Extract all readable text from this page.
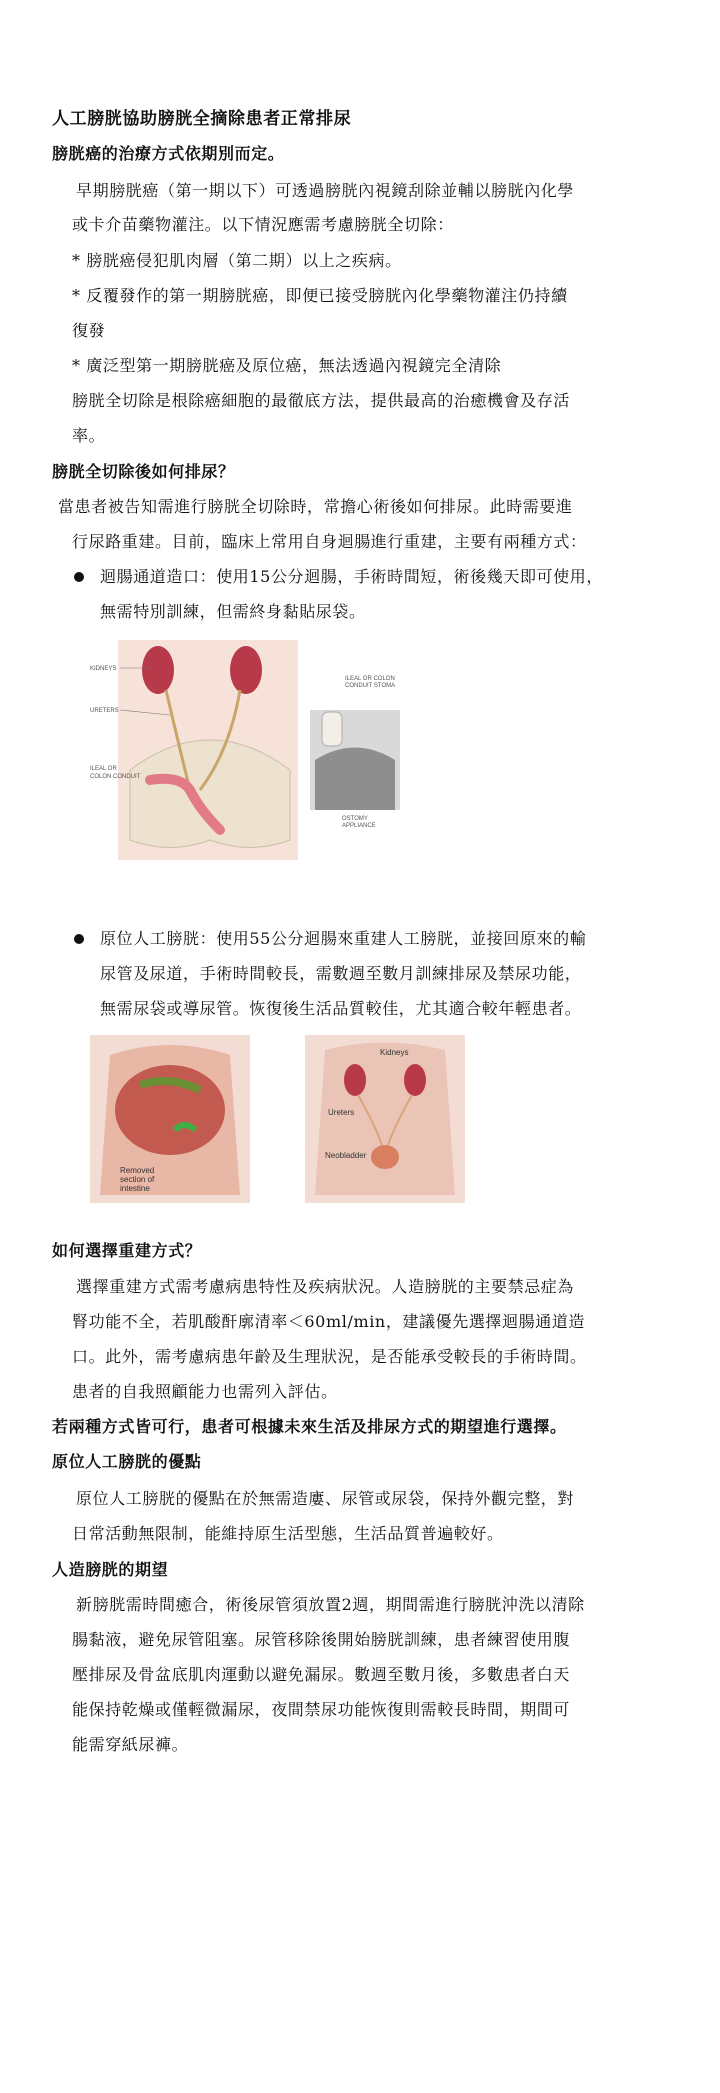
人工膀胱協助膀胱全摘除患者正常排尿
膀胱癌的治療方式依期別而定。
早期膀胱癌（第一期以下）可透過膀胱內視鏡刮除並輔以膀胱內化學
或卡介苗藥物灌注。以下情況應需考慮膀胱全切除：
* 膀胱癌侵犯肌肉層（第二期）以上之疾病。
* 反覆發作的第一期膀胱癌，即便已接受膀胱內化學藥物灌注仍持續
復發
* 廣泛型第一期膀胱癌及原位癌，無法透過內視鏡完全清除
膀胱全切除是根除癌細胞的最徹底方法，提供最高的治癒機會及存活
率。
膀胱全切除後如何排尿？
當患者被告知需進行膀胱全切除時，常擔心術後如何排尿。此時需要進
行尿路重建。目前，臨床上常用自身迴腸進行重建，主要有兩種方式：
迴腸通道造口：使用15公分迴腸，手術時間短，術後幾天即可使用，
無需特別訓練，但需終身黏貼尿袋。
KIDNEYS
URETERS
ILEAL OR
COLON CONDUIT
ILEAL OR COLON
CONDUIT STOMA
OSTOMY
APPLIANCE
原位人工膀胱：使用55公分迴腸來重建人工膀胱，並接回原來的輸
尿管及尿道，手術時間較長，需數週至數月訓練排尿及禁尿功能，
無需尿袋或導尿管。恢復後生活品質較佳，尤其適合較年輕患者。
Removed
section of
intestine
Kidneys
Ureters
Neobladder
如何選擇重建方式？
選擇重建方式需考慮病患特性及疾病狀況。人造膀胱的主要禁忌症為
腎功能不全，若肌酸酐廓清率＜60ml/min，建議優先選擇迴腸通道造
口。此外，需考慮病患年齡及生理狀況，是否能承受較長的手術時間。
患者的自我照顧能力也需列入評估。
若兩種方式皆可行，患者可根據未來生活及排尿方式的期望進行選擇。
原位人工膀胱的優點
原位人工膀胱的優點在於無需造廔、尿管或尿袋，保持外觀完整，對
日常活動無限制，能維持原生活型態，生活品質普遍較好。
人造膀胱的期望
新膀胱需時間癒合，術後尿管須放置2週，期間需進行膀胱沖洗以清除
腸黏液，避免尿管阻塞。尿管移除後開始膀胱訓練，患者練習使用腹
壓排尿及骨盆底肌肉運動以避免漏尿。數週至數月後，多數患者白天
能保持乾燥或僅輕微漏尿，夜間禁尿功能恢復則需較長時間，期間可
能需穿紙尿褲。
